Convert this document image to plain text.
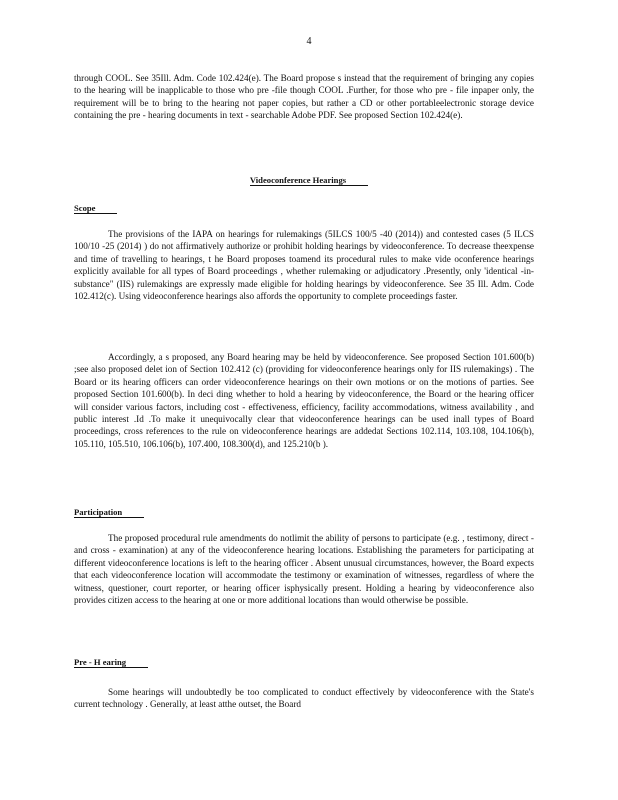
4

through COOL. See 35Ill. Adm. Code 102.424(e). The Board propose s instead that the requirement of bringing any copies to the hearing will be inapplicable to those who pre -file though COOL .Further, for those who pre - file inpaper only, the requirement will be to bring to the hearing not paper copies, but rather a CD or other portableelectronic storage device containing the pre - hearing documents in text - searchable Adobe PDF. See proposed Section 102.424(e).

Videoconference Hearings
Scope

The provisions of the IAPA on hearings for rulemakings (5ILCS 100/5 -40 (2014)) and contested cases (5 ILCS 100/10 -25 (2014) ) do not affirmatively authorize or prohibit holding hearings by videoconference. To decrease theexpense and time of travelling to hearings, t he Board proposes toamend its procedural rules to make vide oconference hearings explicitly available for all types of Board proceedings , whether rulemaking or adjudicatory .Presently, only 'identical -in-substance" (IIS) rulemakings are expressly made eligible for holding hearings by videoconference. See 35 Ill. Adm. Code 102.412(c). Using videoconference hearings also affords the opportunity to complete proceedings faster.

Accordingly, a s proposed, any Board hearing may be held by videoconference. See proposed Section 101.600(b) ;see also proposed delet ion of Section 102.412 (c) (providing for videoconference hearings only for IIS rulemakings) . The Board or its hearing officers can order videoconference hearings on their own motions or on the motions of parties. See proposed Section 101.600(b). In deci ding whether to hold a hearing by videoconference, the Board or the hearing officer will consider various factors, including cost - effectiveness, efficiency, facility accommodations, witness availability , and public interest .Id .To make it unequivocally clear that videoconference hearings can be used inall types of Board proceedings, cross references to the rule on videoconference hearings are addedat Sections 102.114, 103.108, 104.106(b), 105.110, 105.510, 106.106(b), 107.400, 108.300(d), and 125.210(b ).

Participation

The proposed procedural rule amendments do notlimit the ability of persons to participate (e.g. , testimony, direct -and cross - examination) at any of the videoconference hearing locations. Establishing the parameters for participating at different videoconference locations is left to the hearing officer . Absent unusual circumstances, however, the Board expects that each videoconference location will accommodate the testimony or examination of witnesses, regardless of where the witness, questioner, court reporter, or hearing officer isphysically present. Holding a hearing by videoconference also provides citizen access to the hearing at one or more additional locations than would otherwise be possible.

Pre - H earing

Some hearings will undoubtedly be too complicated to conduct effectively by videoconference with the State's current technology . Generally, at least atthe outset, the Board
